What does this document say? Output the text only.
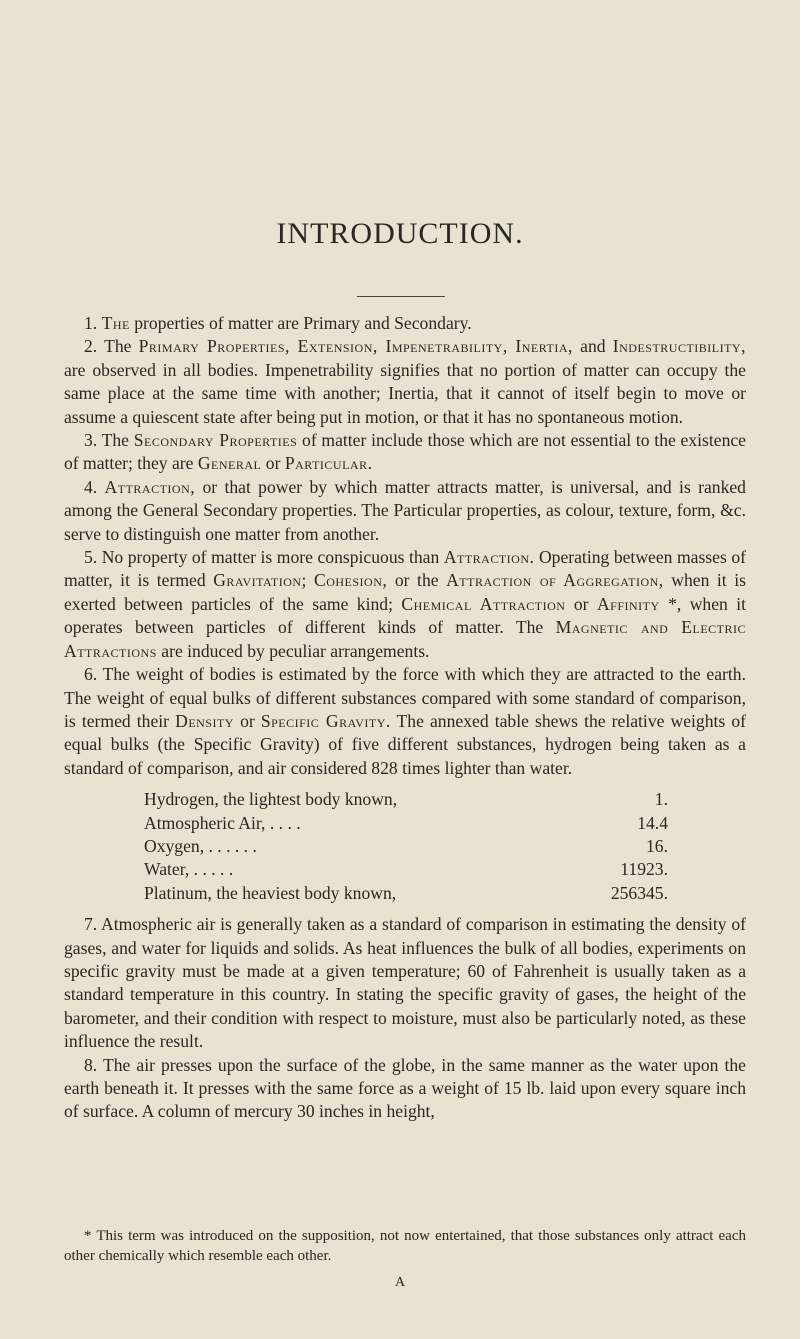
INTRODUCTION.

1. The properties of matter are Primary and Secondary.

2. The Primary Properties, Extension, Impenetrability, Inertia, and Indestructibility, are observed in all bodies. Impenetrability signifies that no portion of matter can occupy the same place at the same time with another; Inertia, that it cannot of itself begin to move or assume a quiescent state after being put in motion, or that it has no spontaneous motion.

3. The Secondary Properties of matter include those which are not essential to the existence of matter; they are General or Particular.

4. Attraction, or that power by which matter attracts matter, is universal, and is ranked among the General Secondary properties. The Particular properties, as colour, texture, form, &c. serve to distinguish one matter from another.

5. No property of matter is more conspicuous than Attraction. Operating between masses of matter, it is termed Gravitation; Cohesion, or the Attraction of Aggregation, when it is exerted between particles of the same kind; Chemical Attraction or Affinity *, when it operates between particles of different kinds of matter. The Magnetic and Electric Attractions are induced by peculiar arrangements.

6. The weight of bodies is estimated by the force with which they are attracted to the earth. The weight of equal bulks of different substances compared with some standard of comparison, is termed their Density or Specific Gravity. The annexed table shews the relative weights of equal bulks (the Specific Gravity) of five different substances, hydrogen being taken as a standard of comparison, and air considered 828 times lighter than water.

Hydrogen, the lightest body known,	1.
Atmospheric Air, . . . .	14.4
Oxygen, . . . . . .	16.
Water, . . . . .	11923.
Platinum, the heaviest body known,	256345.

7. Atmospheric air is generally taken as a standard of comparison in estimating the density of gases, and water for liquids and solids. As heat influences the bulk of all bodies, experiments on specific gravity must be made at a given temperature; 60 of Fahrenheit is usually taken as a standard temperature in this country. In stating the specific gravity of gases, the height of the barometer, and their condition with respect to moisture, must also be particularly noted, as these influence the result.

8. The air presses upon the surface of the globe, in the same manner as the water upon the earth beneath it. It presses with the same force as a weight of 15 lb. laid upon every square inch of surface. A column of mercury 30 inches in height,

* This term was introduced on the supposition, not now entertained, that those substances only attract each other chemically which resemble each other.

A
